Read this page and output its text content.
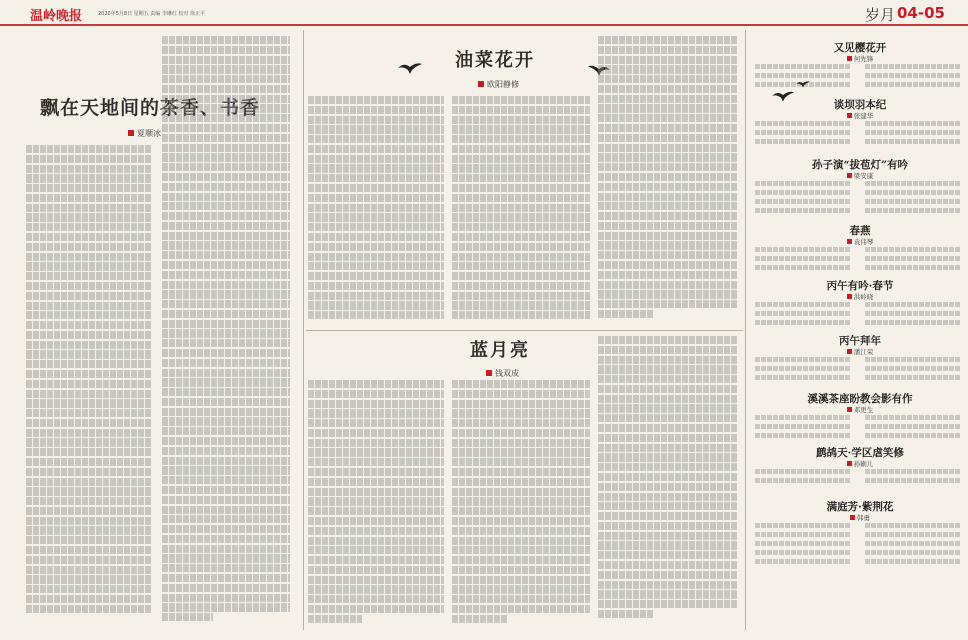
温岭晚报	2020年5月8日 星期五 责编 李琳红 校对 徐正平	岁月 04-05
飘在天地间的茶香、书香
夏顺冰
油菜花开
欧阳静修
蓝月亮
钱双成
又见樱花开
何先锋
谈坝羽本纪
张建华
孙子演“拔苞灯”有吟
梁安康
春燕
袁伟琴
丙午有吟·春节
洪岭晓
丙午拜年
潘江荣
溪溪茶座盼教会影有作
邓更生
鹧鸪天·学区虐笑修
孙刷儿
满庭芳·紫荆花
韩勇
